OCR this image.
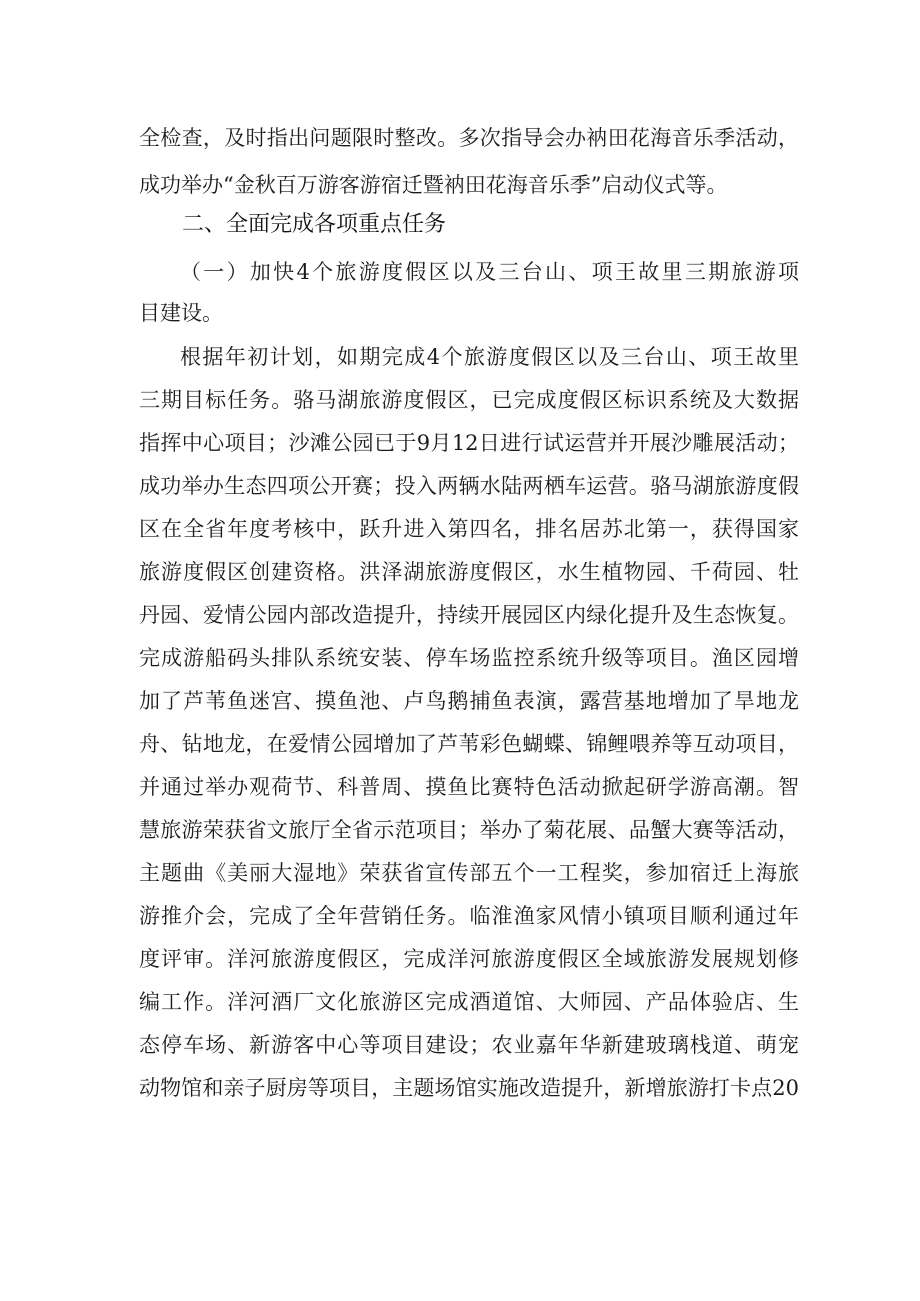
全检查，及时指出问题限时整改。多次指导会办衲田花海音乐季活动，
成功举办“金秋百万游客游宿迁暨衲田花海音乐季”启动仪式等。
二、全面完成各项重点任务
（一）加快4个旅游度假区以及三台山、项王故里三期旅游项
目建设。
根据年初计划，如期完成4个旅游度假区以及三台山、项王故里
三期目标任务。骆马湖旅游度假区，已完成度假区标识系统及大数据
指挥中心项目；沙滩公园已于9月12日进行试运营并开展沙雕展活动；
成功举办生态四项公开赛；投入两辆水陆两栖车运营。骆马湖旅游度假
区在全省年度考核中，跃升进入第四名，排名居苏北第一，获得国家
旅游度假区创建资格。洪泽湖旅游度假区，水生植物园、千荷园、牡
丹园、爱情公园内部改造提升，持续开展园区内绿化提升及生态恢复。
完成游船码头排队系统安装、停车场监控系统升级等项目。渔区园增
加了芦苇鱼迷宫、摸鱼池、卢鸟鹅捕鱼表演，露营基地增加了旱地龙
舟、钻地龙，在爱情公园增加了芦苇彩色蝴蝶、锦鲤喂养等互动项目，
并通过举办观荷节、科普周、摸鱼比赛特色活动掀起研学游高潮。智
慧旅游荣获省文旅厅全省示范项目；举办了菊花展、品蟹大赛等活动，
主题曲《美丽大湿地》荣获省宣传部五个一工程奖，参加宿迁上海旅
游推介会，完成了全年营销任务。临淮渔家风情小镇项目顺利通过年
度评审。洋河旅游度假区，完成洋河旅游度假区全域旅游发展规划修
编工作。洋河酒厂文化旅游区完成酒道馆、大师园、产品体验店、生
态停车场、新游客中心等项目建设；农业嘉年华新建玻璃栈道、萌宠
动物馆和亲子厨房等项目，主题场馆实施改造提升，新增旅游打卡点20
